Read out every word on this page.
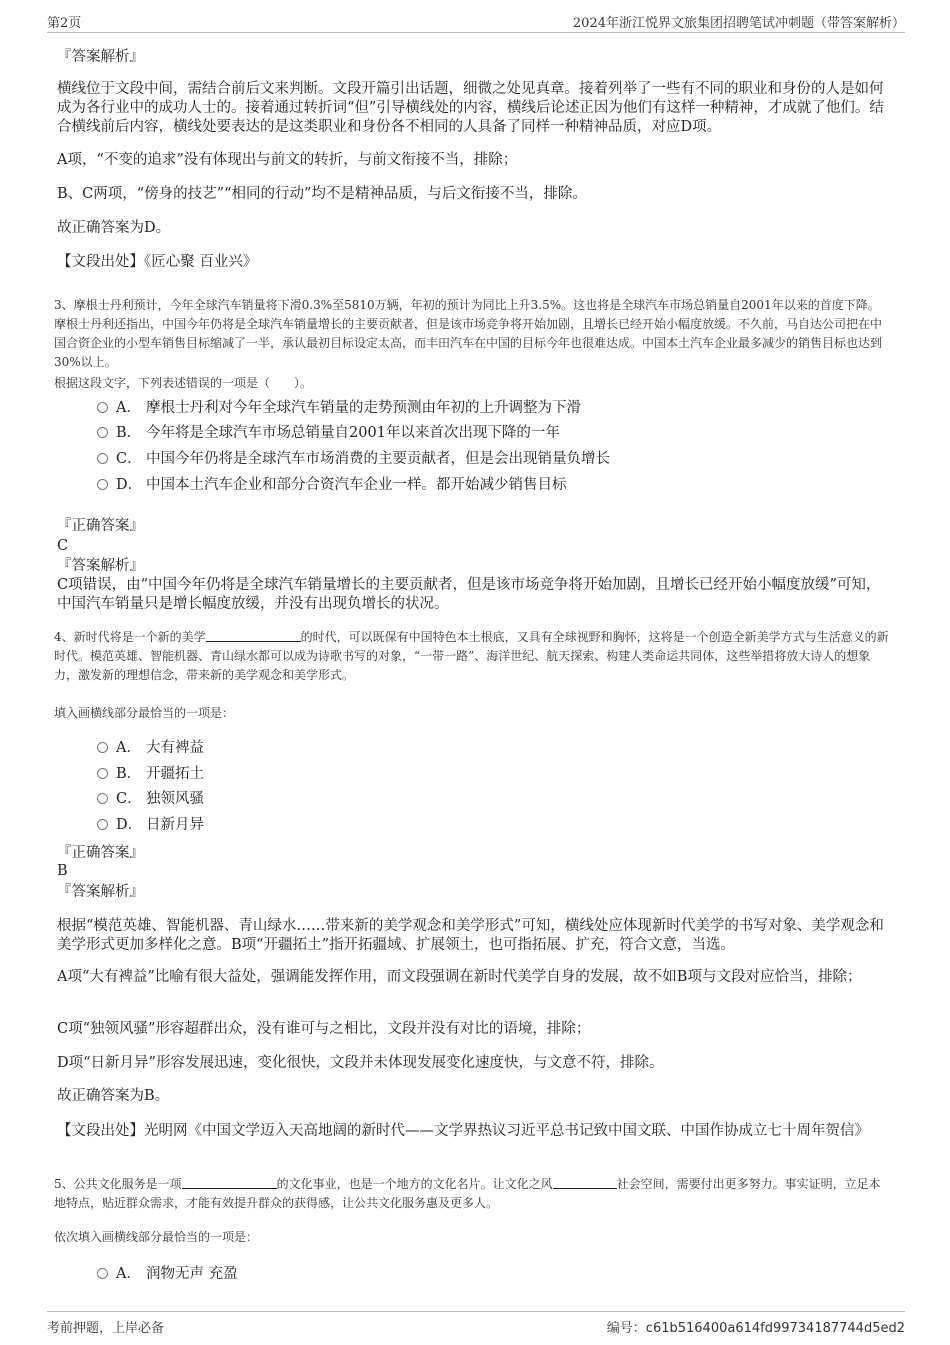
第2页	2024年浙江悦界文旅集团招聘笔试冲刺题（带答案解析）

『答案解析』

横线位于文段中间，需结合前后文来判断。文段开篇引出话题，细微之处见真章。接着列举了一些有不同的职业和身份的人是如何成为各行业中的成功人士的。接着通过转折词“但”引导横线处的内容，横线后论述正因为他们有这样一种精神，才成就了他们。结合横线前后内容，横线处要表达的是这类职业和身份各不相同的人具备了同样一种精神品质，对应D项。

A项，“不变的追求”没有体现出与前文的转折，与前文衔接不当，排除；

B、C两项，“傍身的技艺”“相同的行动”均不是精神品质，与后文衔接不当，排除。

故正确答案为D。

【文段出处】《匠心聚 百业兴》

3、摩根士丹利预计，今年全球汽车销量将下滑0.3%至5810万辆，年初的预计为同比上升3.5%。这也将是全球汽车市场总销量自2001年以来的首度下降。摩根士丹利还指出，中国今年仍将是全球汽车销量增长的主要贡献者，但是该市场竞争将开始加剧，且增长已经开始小幅度放缓。不久前，马自达公司把在中国合资企业的小型车销售目标缩减了一半，承认最初目标设定太高，而丰田汽车在中国的目标今年也很难达成。中国本土汽车企业最多减少的销售目标也达到30%以上。

根据这段文字，下列表述错误的一项是（　　）。

A． 摩根士丹利对今年全球汽车销量的走势预测由年初的上升调整为下滑
B． 今年将是全球汽车市场总销量自2001年以来首次出现下降的一年
C． 中国今年仍将是全球汽车市场消费的主要贡献者，但是会出现销量负增长
D． 中国本土汽车企业和部分合资汽车企业一样。都开始减少销售目标

『正确答案』

C

『答案解析』

C项错误，由“中国今年仍将是全球汽车销量增长的主要贡献者，但是该市场竞争将开始加剧，且增长已经开始小幅度放缓”可知，中国汽车销量只是增长幅度放缓，并没有出现负增长的状况。

4、新时代将是一个新的美学	的时代，可以既保有中国特色本土根底，又具有全球视野和胸怀，这将是一个创造全新美学方式与生活意义的新时代。模范英雄、智能机器、青山绿水都可以成为诗歌书写的对象，“一带一路”、海洋世纪、航天探索、构建人类命运共同体，这些举措将放大诗人的想象力，激发新的理想信念，带来新的美学观念和美学形式。

填入画横线部分最恰当的一项是：

A． 大有裨益
B． 开疆拓土
C． 独领风骚
D． 日新月异

『正确答案』

B

『答案解析』

根据“模范英雄、智能机器、青山绿水……带来新的美学观念和美学形式”可知，横线处应体现新时代美学的书写对象、美学观念和美学形式更加多样化之意。B项“开疆拓土”指开拓疆域、扩展领土，也可指拓展、扩充，符合文意，当选。

A项“大有裨益”比喻有很大益处，强调能发挥作用，而文段强调在新时代美学自身的发展，故不如B项与文段对应恰当，排除；

C项“独领风骚”形容超群出众，没有谁可与之相比，文段并没有对比的语境，排除；

D项“日新月异”形容发展迅速，变化很快，文段并未体现发展变化速度快，与文意不符，排除。

故正确答案为B。

【文段出处】光明网《中国文学迈入天高地阔的新时代——文学界热议习近平总书记致中国文联、中国作协成立七十周年贺信》

5、公共文化服务是一项	的文化事业，也是一个地方的文化名片。让文化之风	社会空间，需要付出更多努力。事实证明，立足本地特点，贴近群众需求，才能有效提升群众的获得感，让公共文化服务惠及更多人。

依次填入画横线部分最恰当的一项是：

A． 润物无声 充盈
考前押题，上岸必备	编号：c61b516400a614fd99734187744d5ed2
